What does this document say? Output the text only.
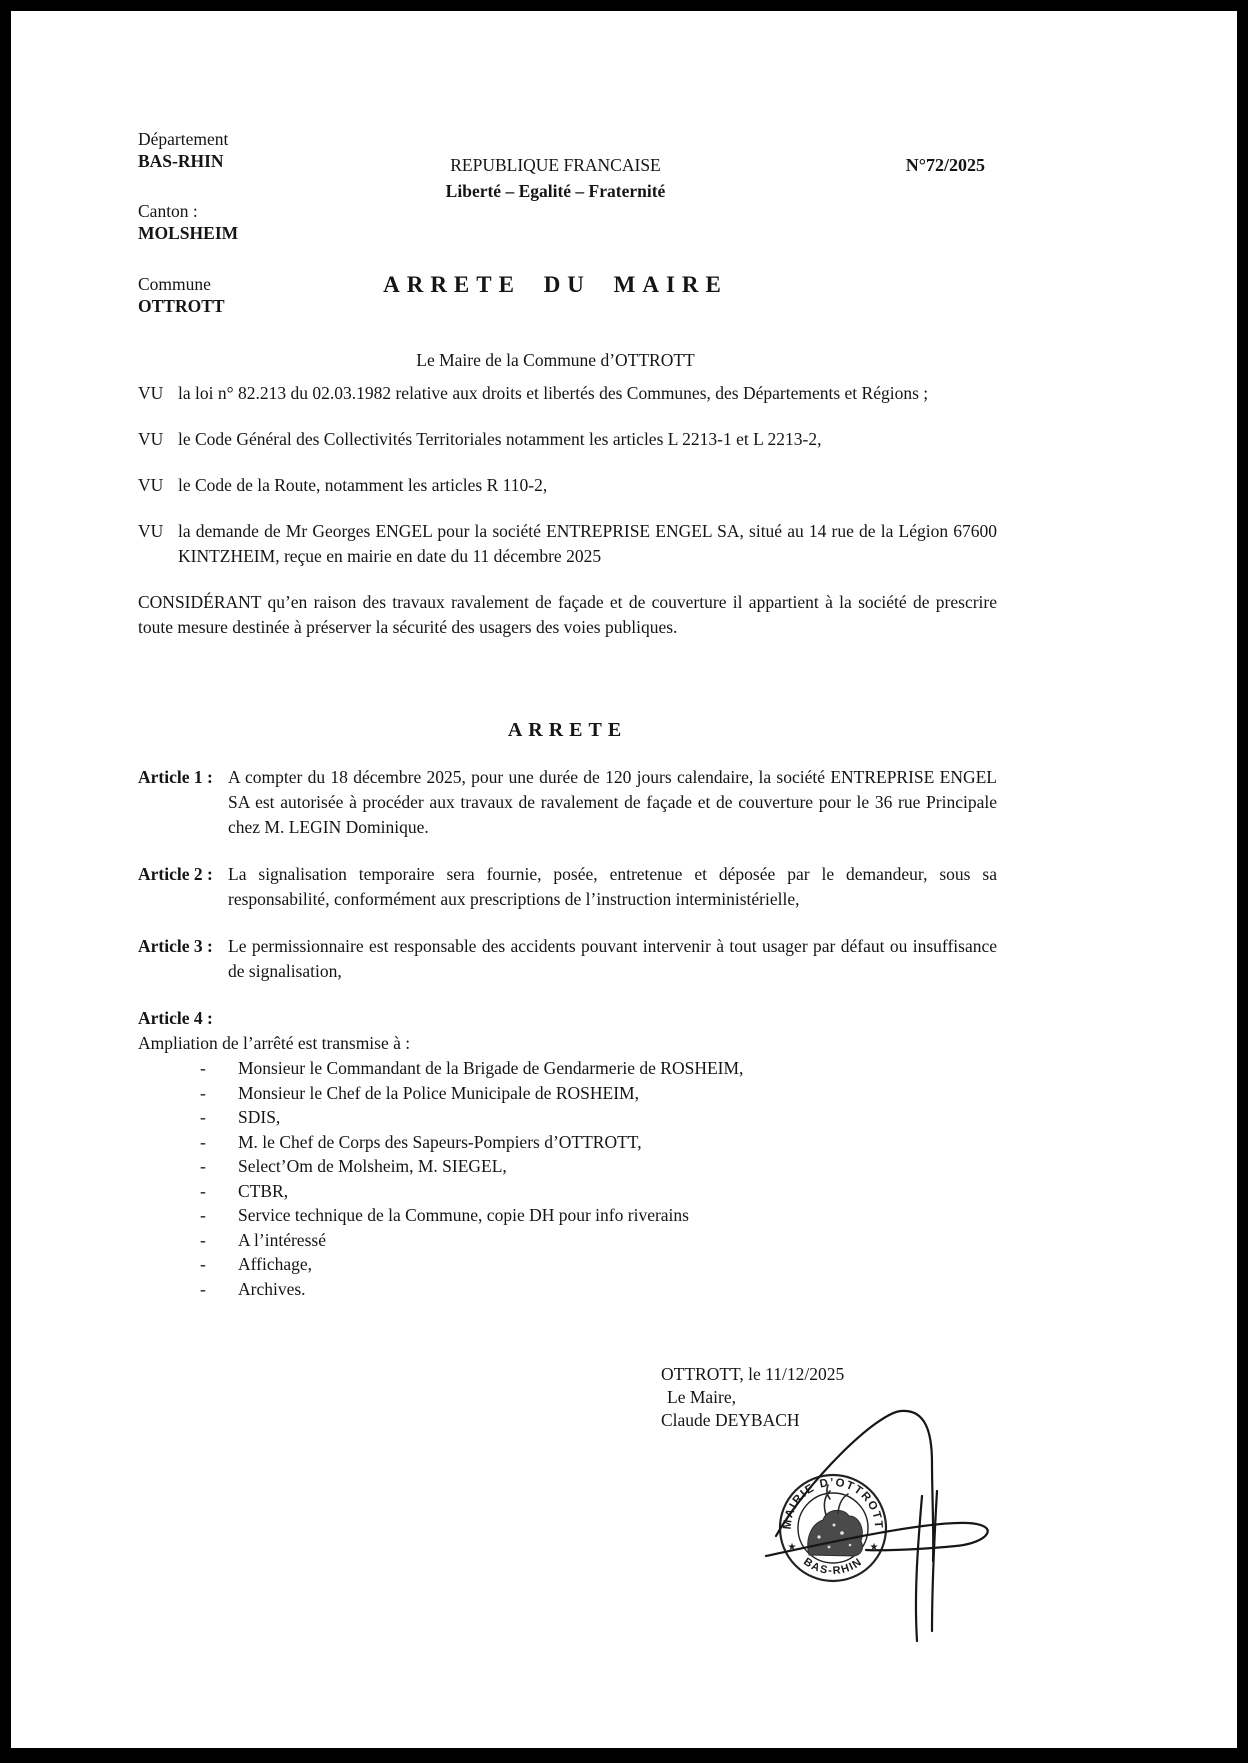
Département
BAS-RHIN
Canton :
MOLSHEIM
Commune
OTTROTT
REPUBLIQUE FRANCAISE
Liberté – Egalité – Fraternité
N°72/2025
ARRETE DU MAIRE
Le Maire de la Commune d’OTTROTT
VU la loi n° 82.213 du 02.03.1982 relative aux droits et libertés des Communes, des Départements et Régions ;
VU le Code Général des Collectivités Territoriales notamment les articles L 2213-1 et L 2213-2,
VU le Code de la Route, notamment les articles R 110-2,
VU la demande de Mr Georges ENGEL pour la société ENTREPRISE ENGEL SA, situé au 14 rue de la Légion 67600 KINTZHEIM, reçue en mairie en date du 11 décembre 2025

CONSIDÉRANT qu’en raison des travaux ravalement de façade et de couverture il appartient à la société de prescrire toute mesure destinée à préserver la sécurité des usagers des voies publiques.

ARRETE
Article 1 : A compter du 18 décembre 2025, pour une durée de 120 jours calendaire, la société ENTREPRISE ENGEL SA est autorisée à procéder aux travaux de ravalement de façade et de couverture pour le 36 rue Principale chez M. LEGIN Dominique.
Article 2 : La signalisation temporaire sera fournie, posée, entretenue et déposée par le demandeur, sous sa responsabilité, conformément aux prescriptions de l’instruction interministérielle,
Article 3 : Le permissionnaire est responsable des accidents pouvant intervenir à tout usager par défaut ou insuffisance de signalisation,

Article 4 :

Ampliation de l’arrêté est transmise à :

-	Monsieur le Commandant de la Brigade de Gendarmerie de ROSHEIM,
-	Monsieur le Chef de la Police Municipale de ROSHEIM,
-	SDIS,
-	M. le Chef de Corps des Sapeurs-Pompiers d’OTTROTT,
-	Select’Om de Molsheim, M. SIEGEL,
-	CTBR,
-	Service technique de la Commune, copie DH pour info riverains
-	A l’intéressé
-	Affichage,
-	Archives.
OTTROTT, le 11/12/2025
Le Maire,
Claude DEYBACH
MAIRIE D’OTTROTT
BAS-RHIN
★	★
